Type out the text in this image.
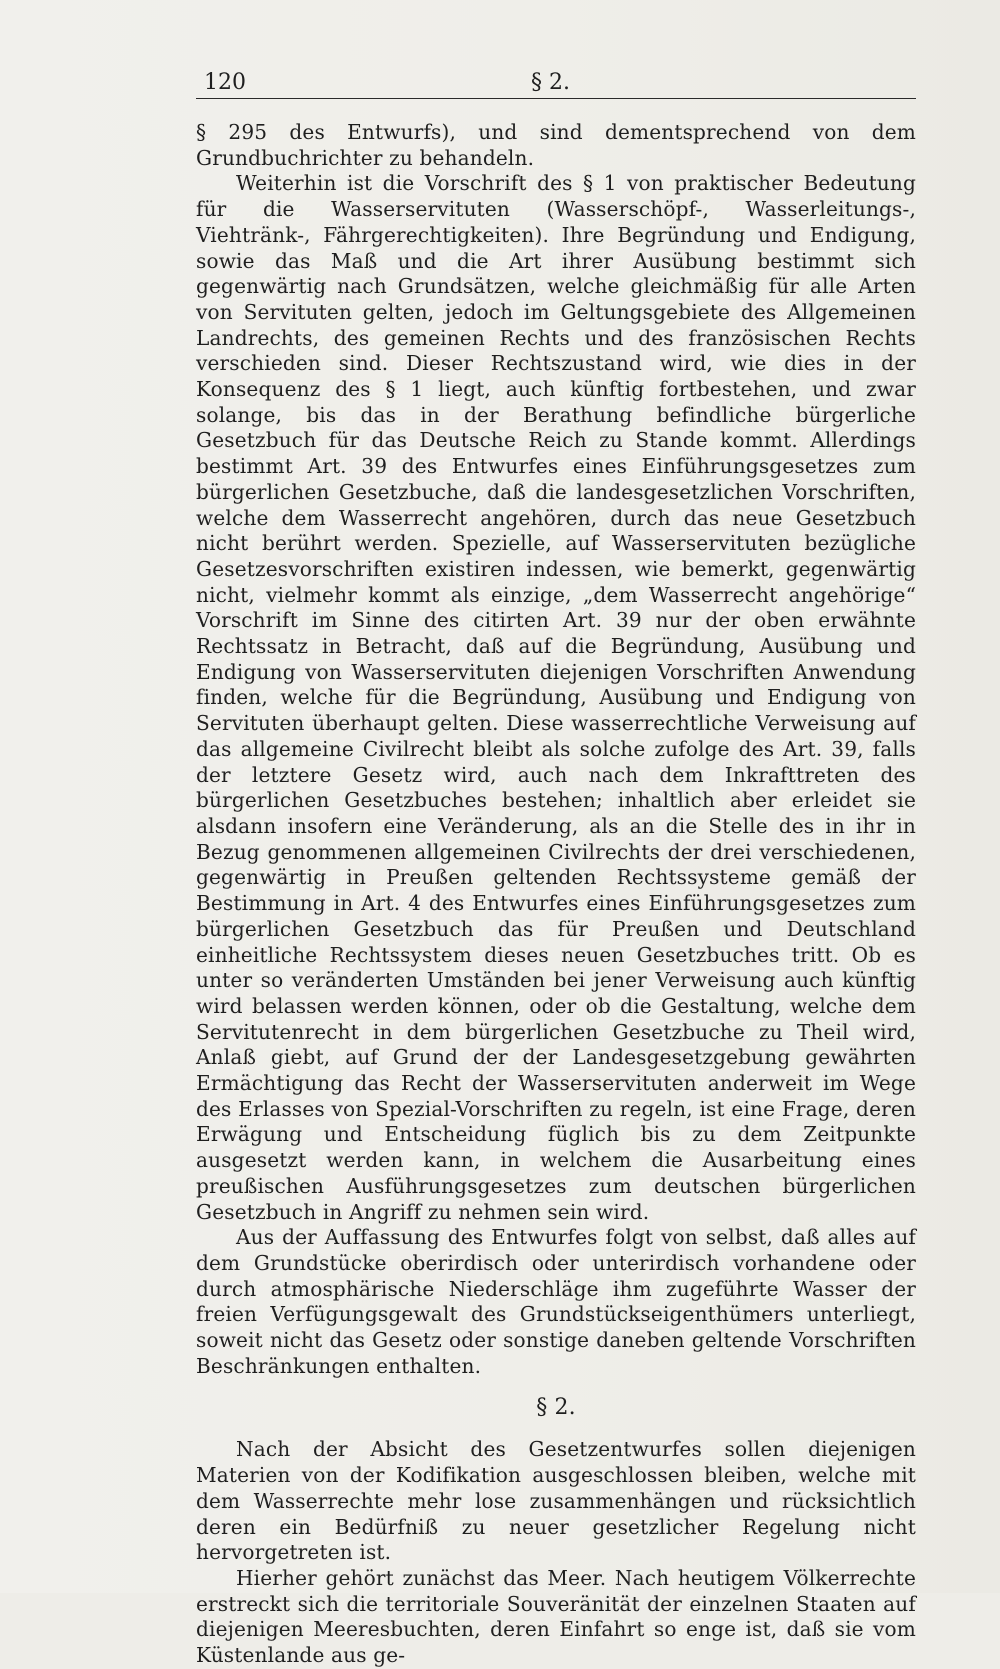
120	§ 2.

§ 295 des Entwurfs), und sind dementsprechend von dem Grundbuchrichter zu behandeln.

Weiterhin ist die Vorschrift des § 1 von praktischer Bedeutung für die Wasserservituten (Wasserschöpf-, Wasserleitungs-, Viehtränk-, Fährgerechtigkeiten). Ihre Begründung und Endigung, sowie das Maß und die Art ihrer Ausübung bestimmt sich gegenwärtig nach Grundsätzen, welche gleichmäßig für alle Arten von Servituten gelten, jedoch im Geltungsgebiete des Allgemeinen Landrechts, des gemeinen Rechts und des französischen Rechts verschieden sind. Dieser Rechtszustand wird, wie dies in der Konsequenz des § 1 liegt, auch künftig fortbestehen, und zwar solange, bis das in der Berathung befindliche bürgerliche Gesetzbuch für das Deutsche Reich zu Stande kommt. Allerdings bestimmt Art. 39 des Entwurfes eines Einführungsgesetzes zum bürgerlichen Gesetzbuche, daß die landesgesetzlichen Vorschriften, welche dem Wasserrecht angehören, durch das neue Gesetzbuch nicht berührt werden. Spezielle, auf Wasserservituten bezügliche Gesetzesvorschriften existiren indessen, wie bemerkt, gegenwärtig nicht, vielmehr kommt als einzige, „dem Wasserrecht angehörige“ Vorschrift im Sinne des citirten Art. 39 nur der oben erwähnte Rechtssatz in Betracht, daß auf die Begründung, Ausübung und Endigung von Wasserservituten diejenigen Vorschriften Anwendung finden, welche für die Begründung, Ausübung und Endigung von Servituten überhaupt gelten. Diese wasserrechtliche Verweisung auf das allgemeine Civilrecht bleibt als solche zufolge des Art. 39, falls der letztere Gesetz wird, auch nach dem Inkrafttreten des bürgerlichen Gesetzbuches bestehen; inhaltlich aber erleidet sie alsdann insofern eine Veränderung, als an die Stelle des in ihr in Bezug genommenen allgemeinen Civilrechts der drei verschiedenen, gegenwärtig in Preußen geltenden Rechtssysteme gemäß der Bestimmung in Art. 4 des Entwurfes eines Einführungsgesetzes zum bürgerlichen Gesetzbuch das für Preußen und Deutschland einheitliche Rechtssystem dieses neuen Gesetzbuches tritt. Ob es unter so veränderten Umständen bei jener Verweisung auch künftig wird belassen werden können, oder ob die Gestaltung, welche dem Servitutenrecht in dem bürgerlichen Gesetzbuche zu Theil wird, Anlaß giebt, auf Grund der der Landesgesetzgebung gewährten Ermächtigung das Recht der Wasserservituten anderweit im Wege des Erlasses von Spezial-Vorschriften zu regeln, ist eine Frage, deren Erwägung und Entscheidung füglich bis zu dem Zeitpunkte ausgesetzt werden kann, in welchem die Ausarbeitung eines preußischen Ausführungsgesetzes zum deutschen bürgerlichen Gesetzbuch in Angriff zu nehmen sein wird.

Aus der Auffassung des Entwurfes folgt von selbst, daß alles auf dem Grundstücke oberirdisch oder unterirdisch vorhandene oder durch atmosphärische Niederschläge ihm zugeführte Wasser der freien Verfügungsgewalt des Grundstückseigenthümers unterliegt, soweit nicht das Gesetz oder sonstige daneben geltende Vorschriften Beschränkungen enthalten.

§ 2.

Nach der Absicht des Gesetzentwurfes sollen diejenigen Materien von der Kodifikation ausgeschlossen bleiben, welche mit dem Wasserrechte mehr lose zusammenhängen und rücksichtlich deren ein Bedürfniß zu neuer gesetzlicher Regelung nicht hervorgetreten ist.

Hierher gehört zunächst das Meer. Nach heutigem Völkerrechte erstreckt sich die territoriale Souveränität der einzelnen Staaten auf diejenigen Meeresbuchten, deren Einfahrt so enge ist, daß sie vom Küstenlande aus ge-
